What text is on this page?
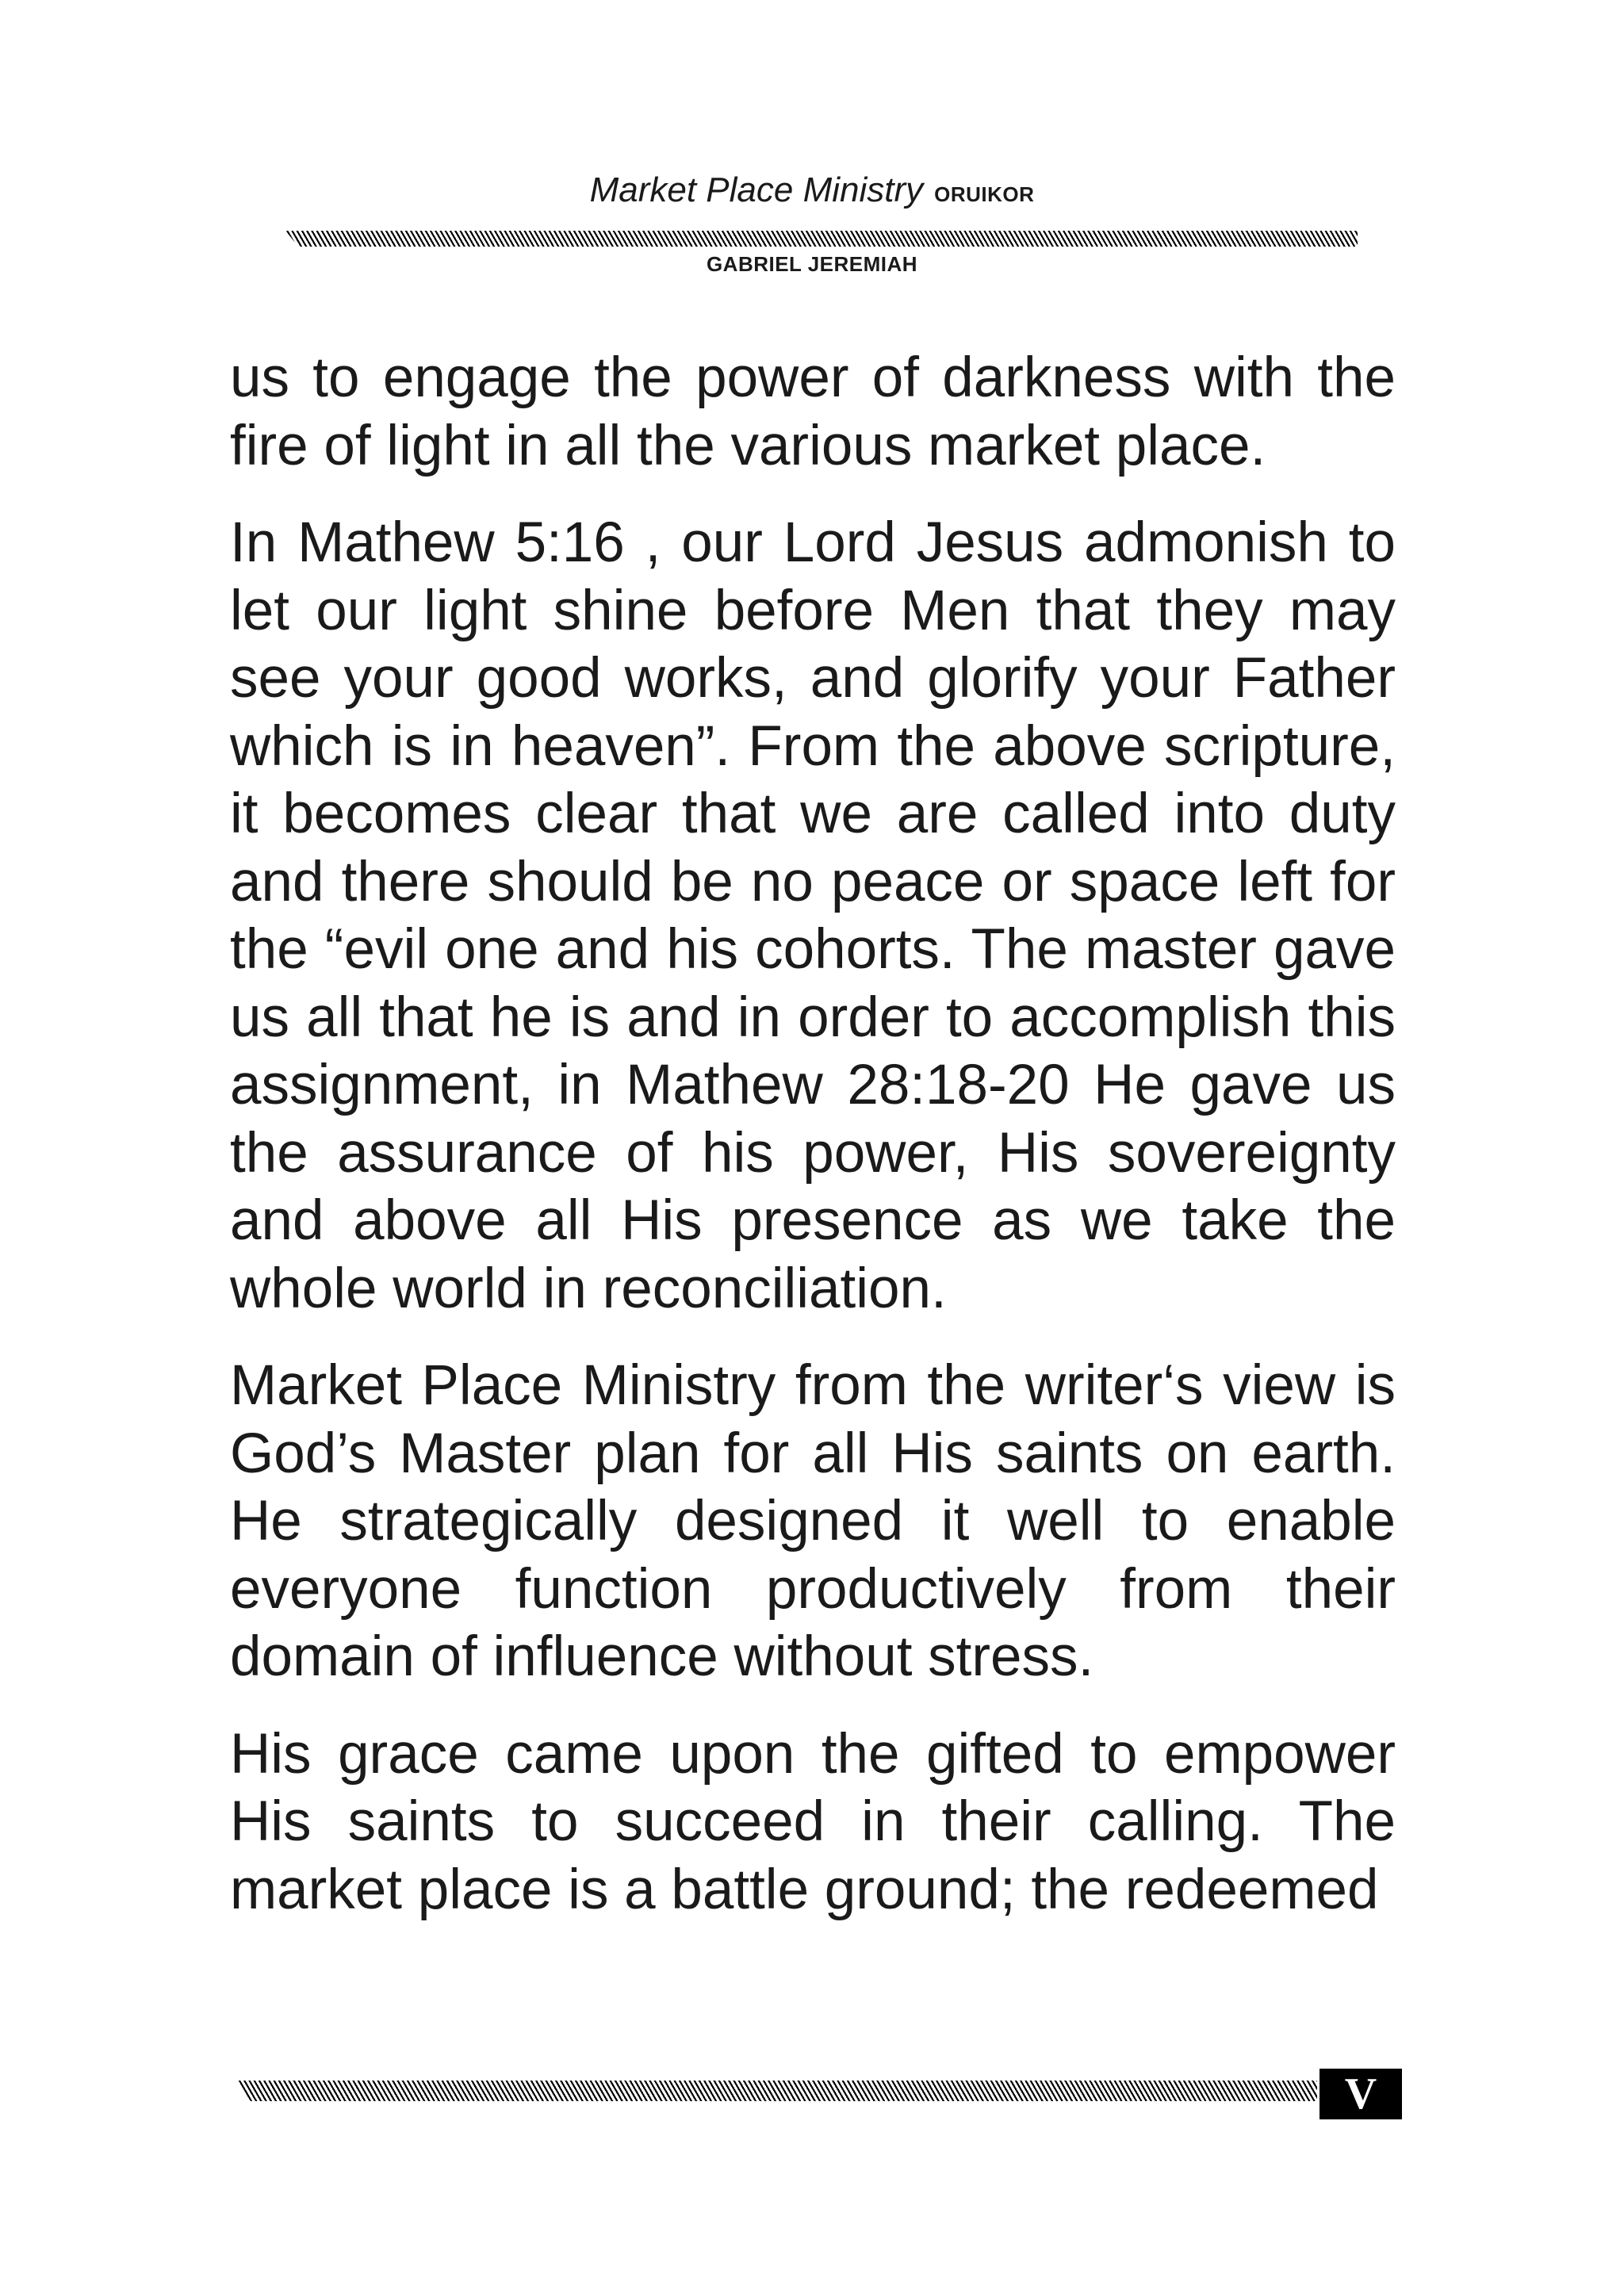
Market Place Ministry ORUIKOR
GABRIEL JEREMIAH

us to engage the power of darkness with the fire of light in all the various market place.

In Mathew 5:16 , our Lord Jesus admonish to let our light shine before Men that they may see your good works, and glorify your Father which is in heaven”. From the above scripture, it becomes clear that we are called into duty and there should be no peace or space left for the “evil one and his cohorts. The master gave us all that he is and in order to accomplish this assignment, in Mathew 28:18-20 He gave us the assurance of his power, His sovereignty and above all His presence as we take the whole world in reconciliation.

Market Place Ministry from the writer‘s view is God’s Master plan for all His saints on earth. He strategically designed it well to enable everyone function productively from their domain of influence without stress.

His grace came upon the gifted to empower His saints to succeed in their calling. The market place is a battle ground; the redeemed

V
